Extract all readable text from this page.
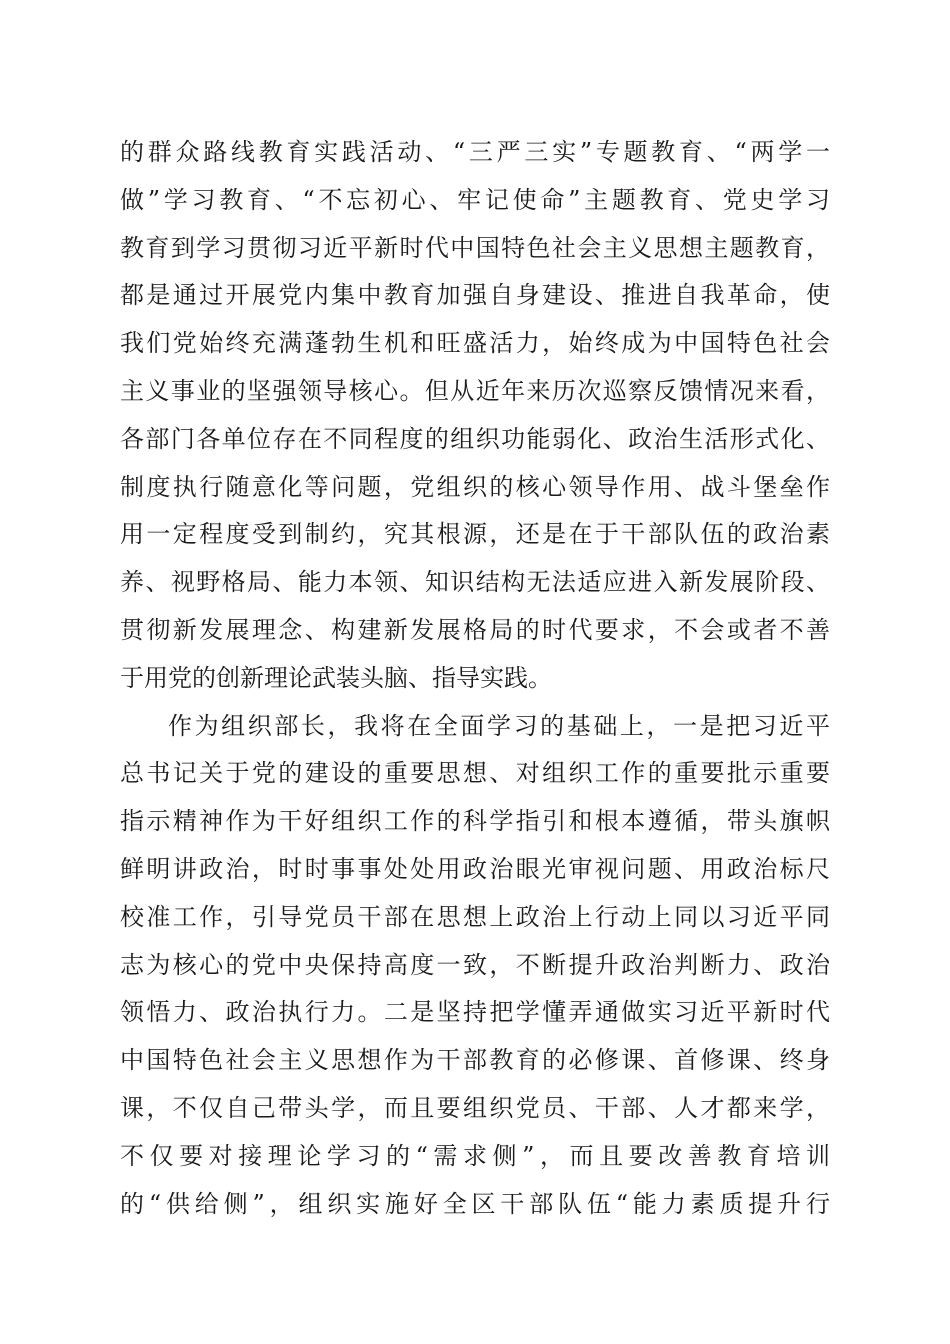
的群众路线教育实践活动、“三严三实”专题教育、“两学一
做”学习教育、“不忘初心、牢记使命”主题教育、党史学习
教育到学习贯彻习近平新时代中国特色社会主义思想主题教育，
都是通过开展党内集中教育加强自身建设、推进自我革命，使
我们党始终充满蓬勃生机和旺盛活力，始终成为中国特色社会
主义事业的坚强领导核心。但从近年来历次巡察反馈情况来看，
各部门各单位存在不同程度的组织功能弱化、政治生活形式化、
制度执行随意化等问题，党组织的核心领导作用、战斗堡垒作
用一定程度受到制约，究其根源，还是在于干部队伍的政治素
养、视野格局、能力本领、知识结构无法适应进入新发展阶段、
贯彻新发展理念、构建新发展格局的时代要求，不会或者不善
于用党的创新理论武装头脑、指导实践。
作为组织部长，我将在全面学习的基础上，一是把习近平
总书记关于党的建设的重要思想、对组织工作的重要批示重要
指示精神作为干好组织工作的科学指引和根本遵循，带头旗帜
鲜明讲政治，时时事事处处用政治眼光审视问题、用政治标尺
校准工作，引导党员干部在思想上政治上行动上同以习近平同
志为核心的党中央保持高度一致，不断提升政治判断力、政治
领悟力、政治执行力。二是坚持把学懂弄通做实习近平新时代
中国特色社会主义思想作为干部教育的必修课、首修课、终身
课，不仅自己带头学，而且要组织党员、干部、人才都来学，
不仅要对接理论学习的“需求侧”，而且要改善教育培训
的“供给侧”，组织实施好全区干部队伍“能力素质提升行
